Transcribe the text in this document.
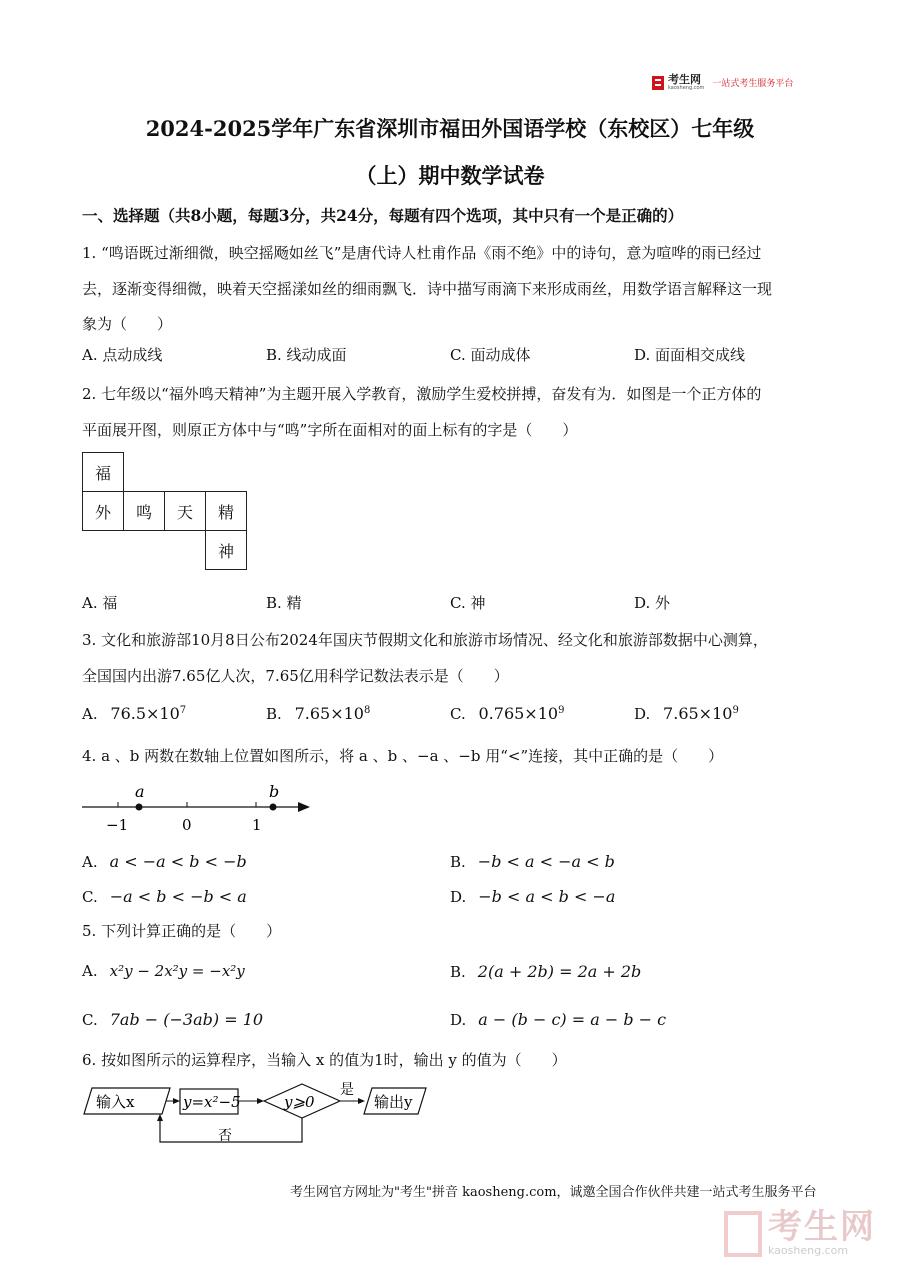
考生网
kaosheng.com 一站式考生服务平台
2024-2025学年广东省深圳市福田外国语学校（东校区）七年级
（上）期中数学试卷
一、选择题（共8小题，每题3分，共24分，每题有四个选项，其中只有一个是正确的）
1. “鸣语既过渐细微，映空摇飏如丝飞”是唐代诗人杜甫作品《雨不绝》中的诗句，意为喧哗的雨已经过
去，逐渐变得细微，映着天空摇漾如丝的细雨飘飞．诗中描写雨滴下来形成雨丝，用数学语言解释这一现
象为（　　）
A. 点动成线	B. 线动成面	C. 面动成体	D. 面面相交成线
2. 七年级以“福外鸣天精神”为主题开展入学教育，激励学生爱校拼搏，奋发有为．如图是一个正方体的
平面展开图，则原正方体中与“鸣”字所在面相对的面上标有的字是（　　）
福			
外	鸣	天	精
			神
A. 福	B. 精	C. 神	D. 外
3. 文化和旅游部10月8日公布2024年国庆节假期文化和旅游市场情况、经文化和旅游部数据中心测算，
全国国内出游7.65亿人次，7.65亿用科学记数法表示是（　　）
A. $76.5\times 10^7$	B. $7.65\times 10^8$	C. $0.765\times 10^9$	D. $7.65\times 10^9$
4. a 、b 两数在数轴上位置如图所示，将 a 、b 、−a 、−b 用“<”连接，其中正确的是（　　）
a	b
−1	0	1
A. a < −a < b < −b	B. −b < a < −a < b
C. −a < b < −b < a	D. −b < a < b < −a
5. 下列计算正确的是（　　）
A. x²y − 2x²y = −x²y	B. 2(a + 2b) = 2a + 2b
C. 7ab − (−3ab) = 10	D. a − (b − c) = a − b − c
6. 按如图所示的运算程序，当输入 x 的值为1时，输出 y 的值为（　　）
输入x	y=x²−5	y⩾0
是
输出y
否
考生网官方网址为"考生"拼音 kaosheng.com，诚邀全国合作伙伴共建一站式考生服务平台
考生网
kaosheng.com
